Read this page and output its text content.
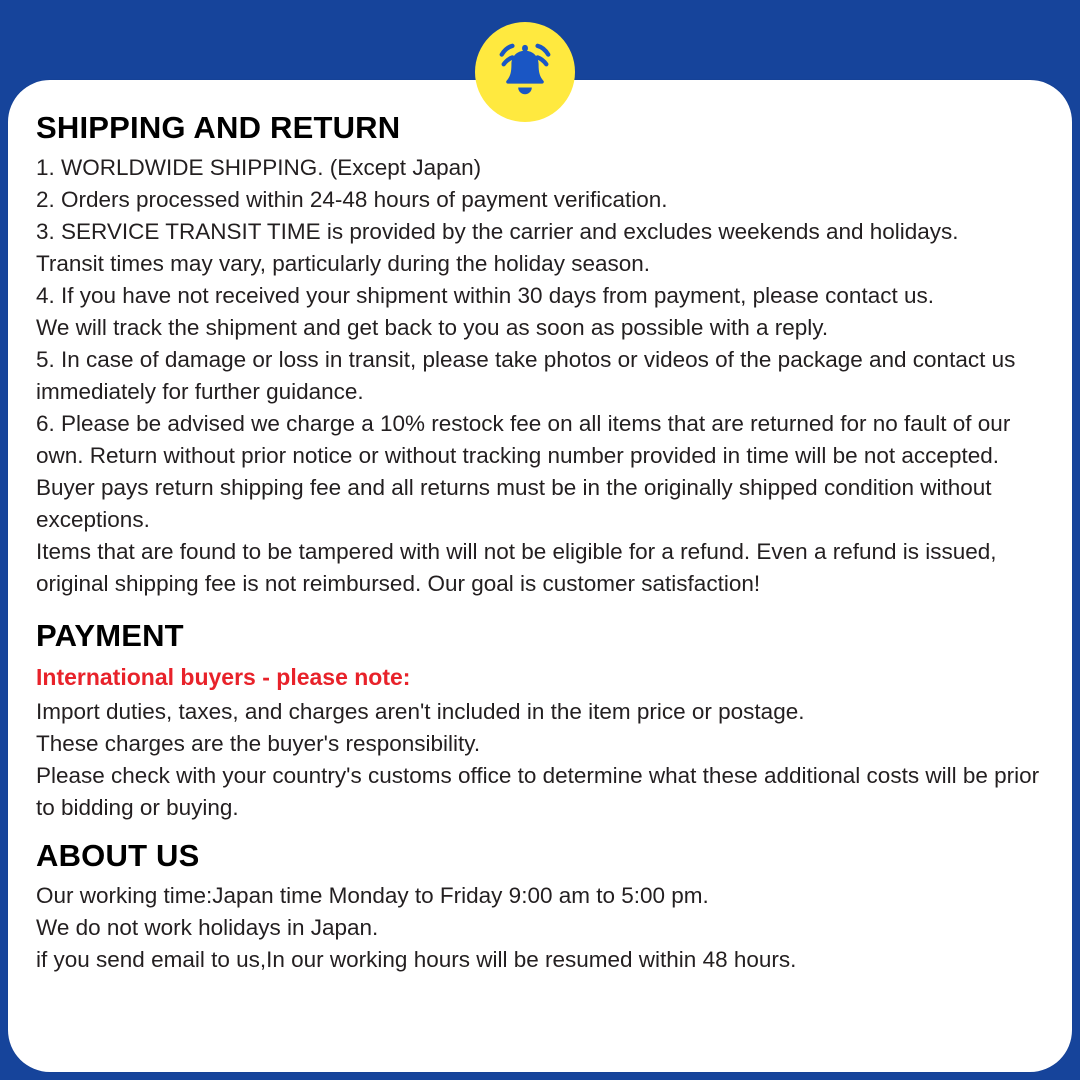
SHIPPING AND RETURN

1. WORLDWIDE SHIPPING. (Except Japan)

2. Orders processed within 24-48 hours of payment verification.

3. SERVICE TRANSIT TIME is provided by the carrier and excludes weekends and holidays.

Transit times may vary, particularly during the holiday season.

4. If you have not received your shipment within 30 days from payment, please contact us.

We will track the shipment and get back to you as soon as possible with a reply.

5. In case of damage or loss in transit, please take photos or videos of the package and contact us immediately for further guidance.

6. Please be advised we charge a 10% restock fee on all items that are returned for no fault of our own. Return without prior notice or without tracking number provided in time will be not accepted. Buyer pays return shipping fee and all returns must be in the originally shipped condition without exceptions.

Items that are found to be tampered with will not be eligible for a refund. Even a refund is issued, original shipping fee is not reimbursed. Our goal is customer satisfaction!

PAYMENT

International buyers - please note:

Import duties, taxes, and charges aren't included in the item price or postage.

These charges are the buyer's responsibility.

Please check with your country's customs office to determine what these additional costs will be prior to bidding or buying.

ABOUT US

Our working time:Japan time Monday to Friday 9:00 am to 5:00 pm.

We do not work holidays in Japan.

if you send email to us,In our working hours will be resumed within 48 hours.
